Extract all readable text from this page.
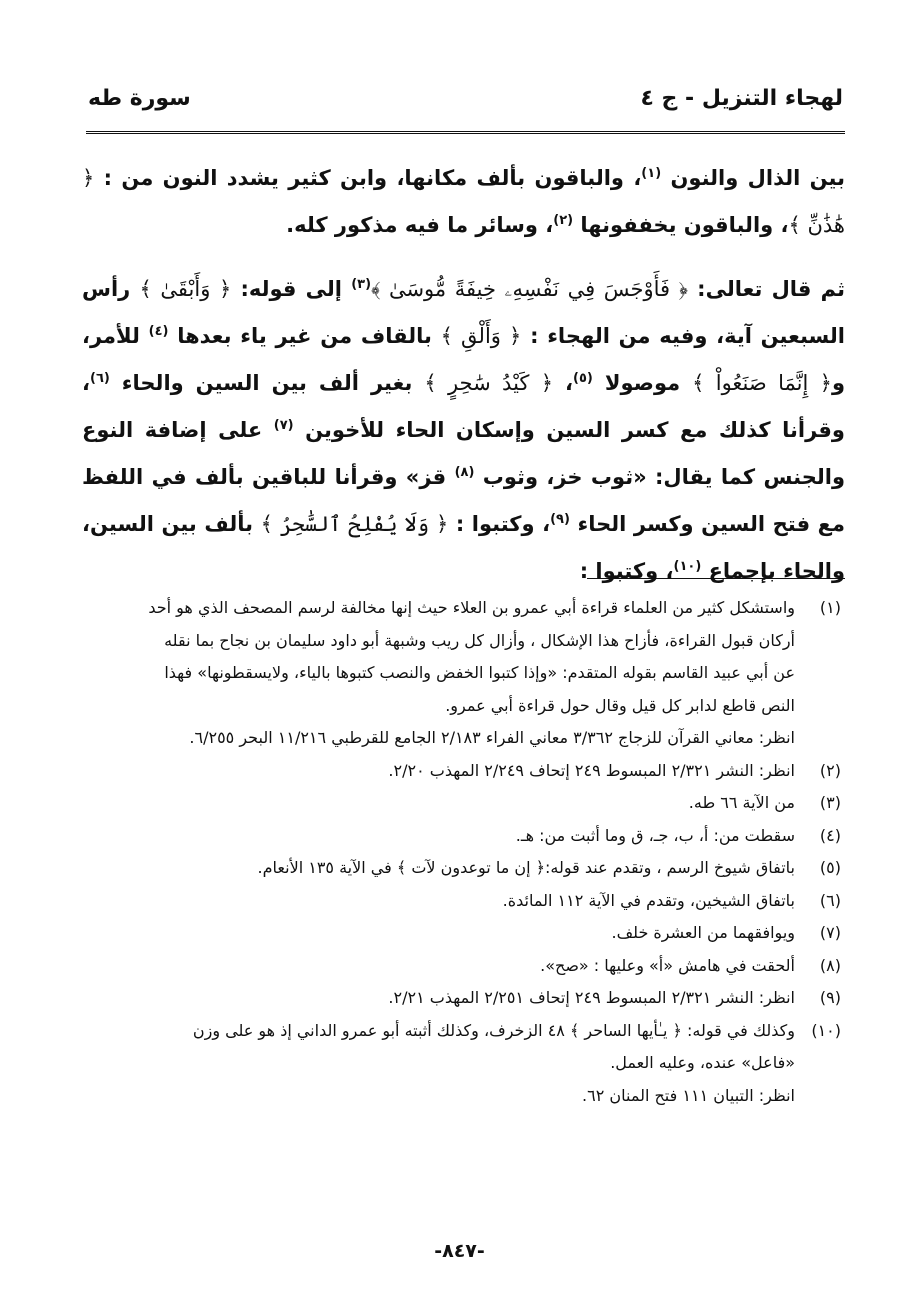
لهجاء التنزيل - ج ٤
سورة طه

بين الذال والنون $^{(١)}$، والباقون بألف مكانها، وابن كثير يشدد النون من : ﴿ هَٰذَٰنِّ ﴾، والباقون يخففونها $^{(٢)}$، وسائر ما فيه مذكور كله.

ثم قال تعالى: ﴿ فَأَوْجَسَ فِي نَفْسِهِۦ خِيفَةً مُّوسَىٰ ﴾$^{(٣)}$ إلى قوله: ﴿ وَأَبْقَىٰ ﴾ رأس السبعين آية، وفيه من الهجاء : ﴿ وَأَلْقِ ﴾ بالقاف من غير ياء بعدها $^{(٤)}$ للأمر، و﴿ إِنَّمَا صَنَعُواْ ﴾ موصولا $^{(٥)}$، ﴿ كَيْدُ سَٰحِرٍ ﴾ بغير ألف بين السين والحاء $^{(٦)}$، وقرأنا كذلك مع كسر السين وإسكان الحاء للأخوين $^{(٧)}$ على إضافة النوع والجنس كما يقال: «ثوب خز، وثوب $^{(٨)}$ قز» وقرأنا للباقين بألف في اللفظ مع فتح السين وكسر الحاء $^{(٩)}$، وكتبوا : ﴿ وَلَا يُفْلِحُ ٱلسَّٰحِرُ ﴾ بألف بين السين، والحاء بإجماع $^{(١٠)}$، وكتبوا :

(١)
واستشكل كثير من العلماء قراءة أبي عمرو بن العلاء حيث إنها مخالفة لرسم المصحف الذي هو أحد
أركان قبول القراءة، فأزاح هذا الإشكال ، وأزال كل ريب وشبهة أبو داود سليمان بن نجاح بما نقله
عن أبي عبيد القاسم بقوله المتقدم: «وإذا كتبوا الخفض والنصب كتبوها بالياء، ولايسقطونها» فهذا
النص قاطع لدابر كل قيل وقال حول قراءة أبي عمرو.
انظر: معاني القرآن للزجاج ٣/٣٦٢ معاني الفراء ٢/١٨٣ الجامع للقرطبي ١١/٢١٦ البحر ٦/٢٥٥.
(٢)
انظر: النشر ٢/٣٢١ المبسوط ٢٤٩ إتحاف ٢/٢٤٩ المهذب ٢/٢٠.
(٣)
من الآية ٦٦ طه.
(٤)
سقطت من: أ، ب، جـ، ق وما أثبت من: هـ.
(٥)
باتفاق شيوخ الرسم ، وتقدم عند قوله:﴿ إن ما توعدون لآت ﴾ في الآية ١٣٥ الأنعام.
(٦)
باتفاق الشيخين، وتقدم في الآية ١١٢ المائدة.
(٧)
ويوافقهما من العشرة خلف.
(٨)
ألحقت في هامش «أ» وعليها : «صح».
(٩)
انظر: النشر ٢/٣٢١ المبسوط ٢٤٩ إتحاف ٢/٢٥١ المهذب ٢/٢١.
(١٠)
وكذلك في قوله: ﴿ يـٰأيها الساحر ﴾ ٤٨ الزخرف، وكذلك أثبته أبو عمرو الداني إذ هو على وزن
«فاعل» عنده، وعليه العمل.
انظر: التبيان ١١١ فتح المنان ٦٢.
-٨٤٧-
